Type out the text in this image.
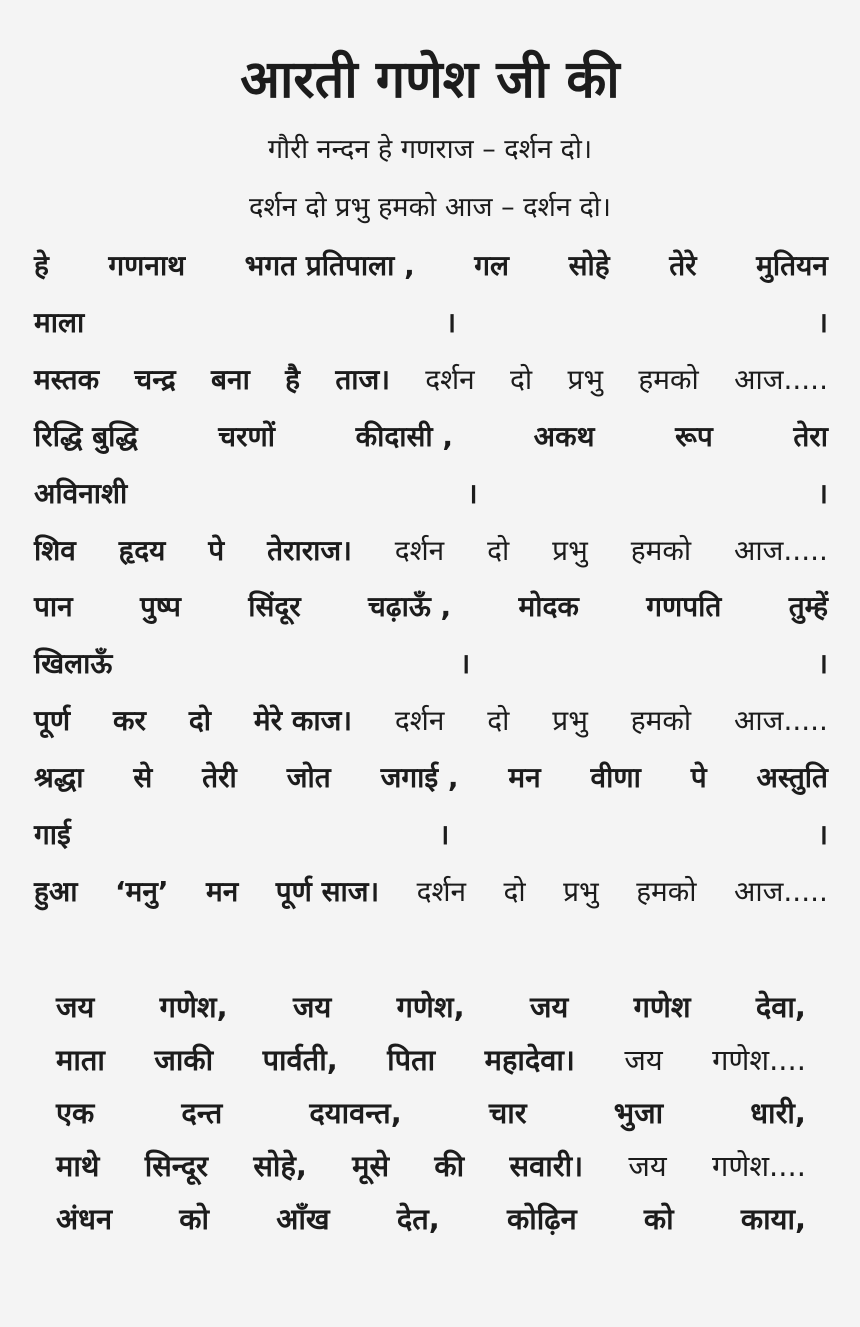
आरती गणेश जी की
गौरी नन्दन हे गणराज – दर्शन दो।
दर्शन दो प्रभु हमको आज – दर्शन दो।
हे गणनाथ भगत प्रतिपाला , गल सोहे तेरे मुतियन
माला	।	।
मस्तक चन्द्र बना है ताज। दर्शन दो प्रभु हमको आज.....
रिद्धि बुद्धि	चरणों	कीदासी ,	अकथ	रूप	तेरा
अविनाशी	।	।
शिव हृदय पे तेराराज। दर्शन दो प्रभु हमको आज.....
पान पुष्प सिंदूर चढ़ाऊँ , मोदक गणपति तुम्हें
खिलाऊँ	।	।
पूर्ण कर दो मेरे काज। दर्शन दो प्रभु हमको आज.....
श्रद्धा से तेरी जोत जगाई , मन वीणा पे अस्तुति
गाई	।	।
हुआ ‘मनु’ मन पूर्ण साज। दर्शन दो प्रभु हमको आज.....
जय गणेश, जय गणेश, जय गणेश देवा,
माता जाकी पार्वती, पिता महादेवा। जय गणेश....
एक	दन्त	दयावन्त,	चार	भुजा	धारी,
माथे सिन्दूर सोहे, मूसे की सवारी। जय गणेश....
अंधन को आँख देत, कोढ़िन को काया,
